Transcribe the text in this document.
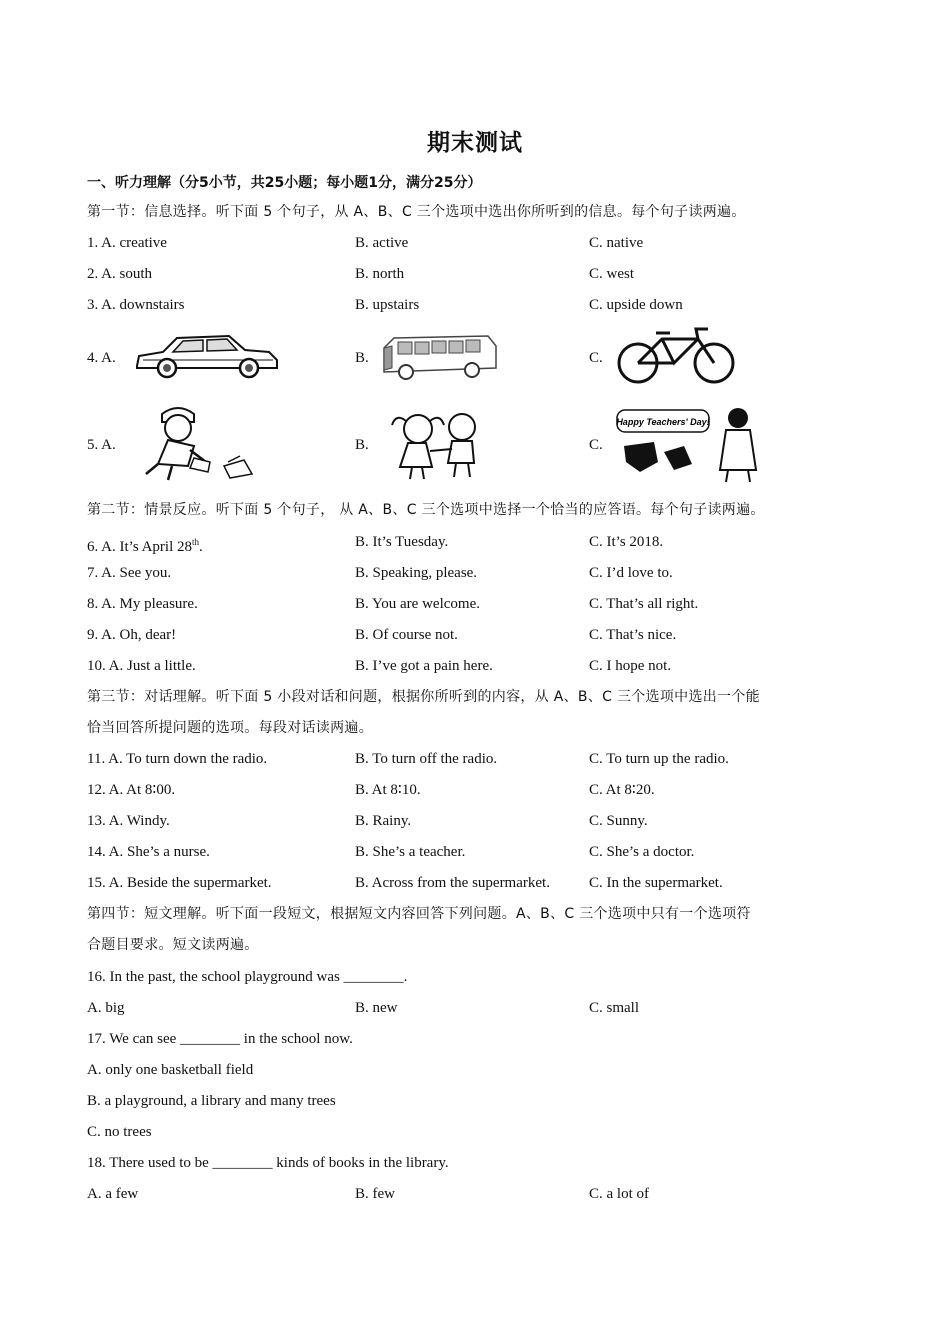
期末测试
一、听力理解（分5小节，共25小题；每小题1分，满分25分）
第一节：信息选择。听下面 5 个句子，从 A、B、C 三个选项中选出你所听到的信息。每个句子读两遍。
1. A. creative	B. active	C. native
2. A. south	B. north	C. west
3. A. downstairs	B. upstairs	C. upside down
4. A.	B.	C.
5. A.	B.	C.
Happy Teachers' Day!
第二节：情景反应。听下面 5 个句子， 从 A、B、C 三个选项中选择一个恰当的应答语。每个句子读两遍。
6. A. It’s April 28th.	B. It’s Tuesday.	C. It’s 2018.
7. A. See you.	B. Speaking, please.	C. I’d love to.
8. A. My pleasure.	B. You are welcome.	C. That’s all right.
9. A. Oh, dear!	B. Of course not.	C. That’s nice.
10. A. Just a little.	B. I’ve got a pain here.	C. I hope not.
第三节：对话理解。听下面 5 小段对话和问题，根据你所听到的内容，从 A、B、C 三个选项中选出一个能
恰当回答所提问题的选项。每段对话读两遍。
11. A. To turn down the radio.	B. To turn off the radio.	C. To turn up the radio.
12. A. At 8∶00.	B. At 8∶10.	C. At 8∶20.
13. A. Windy.	B. Rainy.	C. Sunny.
14. A. She’s a nurse.	B. She’s a teacher.	C. She’s a doctor.
15. A. Beside the supermarket.	B. Across from the supermarket.	C. In the supermarket.
第四节：短文理解。听下面一段短文，根据短文内容回答下列问题。A、B、C 三个选项中只有一个选项符
合题目要求。短文读两遍。
16. In the past, the school playground was ________.
A. big	B. new	C. small
17. We can see ________ in the school now.
A. only one basketball field
B. a playground, a library and many trees
C. no trees
18. There used to be ________ kinds of books in the library.
A. a few	B. few	C. a lot of
